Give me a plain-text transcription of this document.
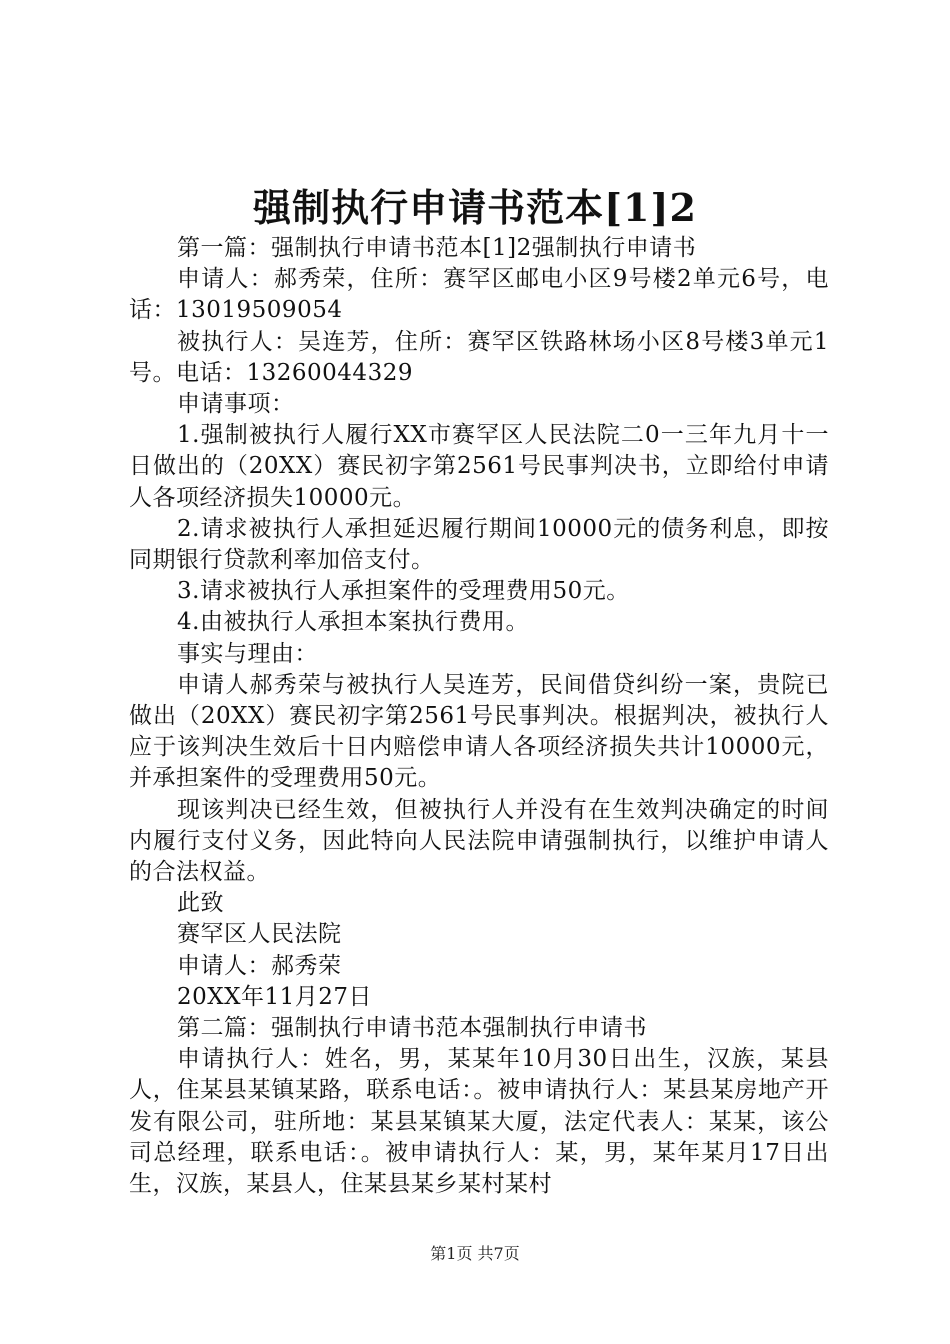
强制执行申请书范本[1]2

第一篇：强制执行申请书范本[1]2强制执行申请书

申请人：郝秀荣，住所：赛罕区邮电小区9号楼2单元6号，电话：13019509054

被执行人：吴连芳，住所：赛罕区铁路林场小区8号楼3单元1号。电话：13260044329

申请事项：

1.强制被执行人履行XX市赛罕区人民法院二0一三年九月十一日做出的（20XX）赛民初字第2561号民事判决书，立即给付申请人各项经济损失10000元。

2.请求被执行人承担延迟履行期间10000元的债务利息，即按同期银行贷款利率加倍支付。

3.请求被执行人承担案件的受理费用50元。

4.由被执行人承担本案执行费用。

事实与理由：

申请人郝秀荣与被执行人吴连芳，民间借贷纠纷一案，贵院已做出（20XX）赛民初字第2561号民事判决。根据判决，被执行人应于该判决生效后十日内赔偿申请人各项经济损失共计10000元，并承担案件的受理费用50元。

现该判决已经生效，但被执行人并没有在生效判决确定的时间内履行支付义务，因此特向人民法院申请强制执行，以维护申请人的合法权益。

此致

赛罕区人民法院

申请人：郝秀荣

20XX年11月27日

第二篇：强制执行申请书范本强制执行申请书

申请执行人：姓名，男，某某年10月30日出生，汉族，某县人，住某县某镇某路，联系电话：。被申请执行人：某县某房地产开发有限公司，驻所地：某县某镇某大厦，法定代表人：某某，该公司总经理，联系电话：。被申请执行人：某，男，某年某月17日出生，汉族，某县人，住某县某乡某村某村

第1页 共7页
